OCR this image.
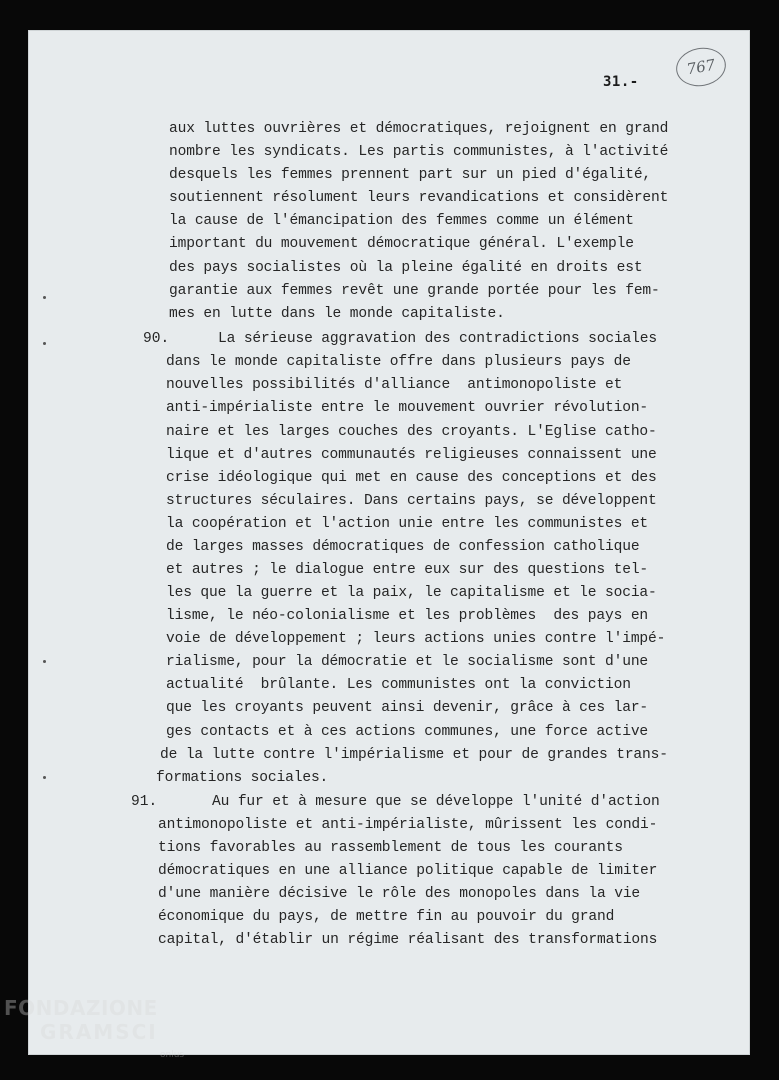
767

31.-

90.
91.

aux luttes ouvrières et démocratiques, rejoignent en grand

nombre les syndicats. Les partis communistes, à l'activité

desquels les femmes prennent part sur un pied d'égalité,

soutiennent résolument leurs revandications et considèrent

la cause de l'émancipation des femmes comme un élément

important du mouvement démocratique général. L'exemple

des pays socialistes où la pleine égalité en droits est

garantie aux femmes revêt une grande portée pour les fem-

mes en lutte dans le monde capitaliste.

La sérieuse aggravation des contradictions sociales

dans le monde capitaliste offre dans plusieurs pays de

nouvelles possibilités d'alliance  antimonopoliste et

anti-impérialiste entre le mouvement ouvrier révolution-

naire et les larges couches des croyants. L'Eglise catho-

lique et d'autres communautés religieuses connaissent une

crise idéologique qui met en cause des conceptions et des

structures séculaires. Dans certains pays, se développent

la coopération et l'action unie entre les communistes et

de larges masses démocratiques de confession catholique

et autres ; le dialogue entre eux sur des questions tel-

les que la guerre et la paix, le capitalisme et le socia-

lisme, le néo-colonialisme et les problèmes  des pays en

voie de développement ; leurs actions unies contre l'impé-

rialisme, pour la démocratie et le socialisme sont d'une

actualité  brûlante. Les communistes ont la conviction

que les croyants peuvent ainsi devenir, grâce à ces lar-

ges contacts et à ces actions communes, une force active

de la lutte contre l'impérialisme et pour de grandes trans-

formations sociales.

Au fur et à mesure que se développe l'unité d'action

antimonopoliste et anti-impérialiste, mûrissent les condi-

tions favorables au rassemblement de tous les courants

démocratiques en une alliance politique capable de limiter

d'une manière décisive le rôle des monopoles dans la vie

économique du pays, de mettre fin au pouvoir du grand

capital, d'établir un régime réalisant des transformations

FONDAZIONE
GRAMSCI
onlus
